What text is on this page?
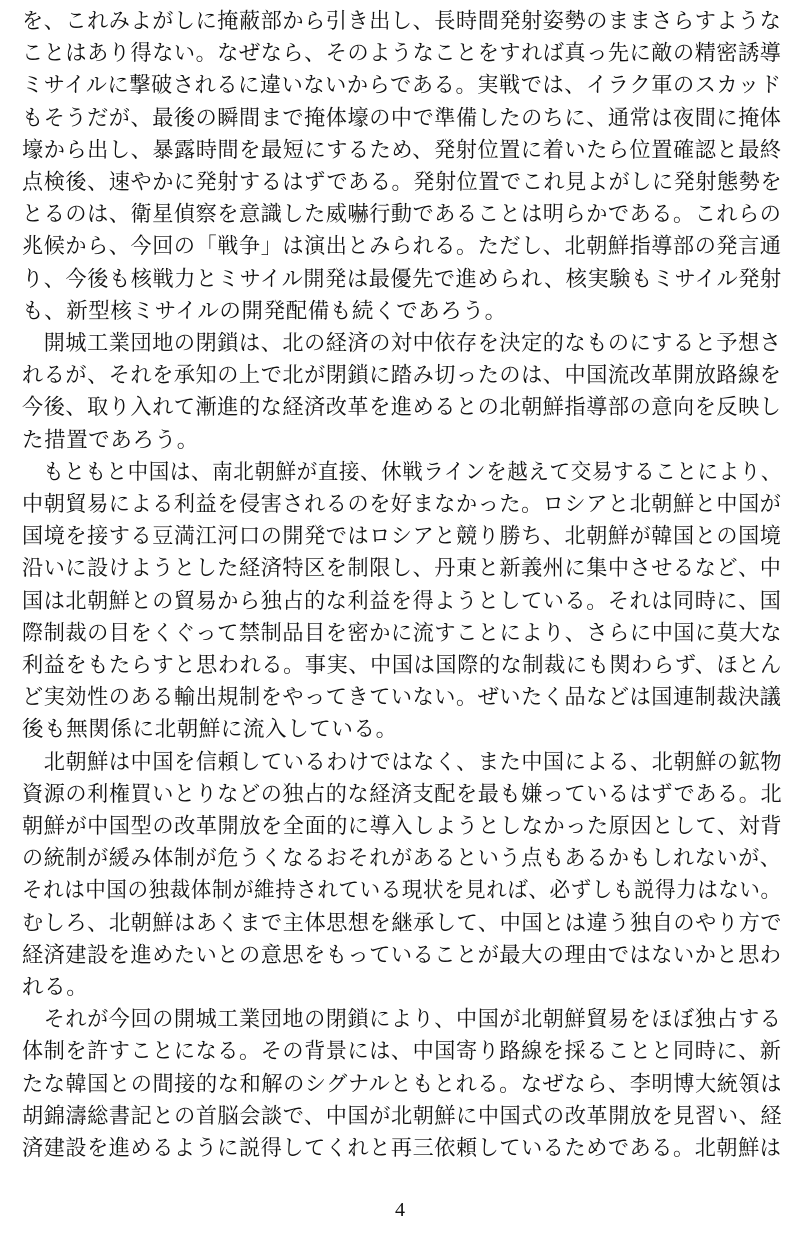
を、これみよがしに掩蔽部から引き出し、長時間発射姿勢のままさらすような
ことはあり得ない。なぜなら、そのようなことをすれば真っ先に敵の精密誘導
ミサイルに撃破されるに違いないからである。実戦では、イラク軍のスカッド
もそうだが、最後の瞬間まで掩体壕の中で準備したのちに、通常は夜間に掩体
壕から出し、暴露時間を最短にするため、発射位置に着いたら位置確認と最終
点検後、速やかに発射するはずである。発射位置でこれ見よがしに発射態勢を
とるのは、衛星偵察を意識した威嚇行動であることは明らかである。これらの
兆候から、今回の「戦争」は演出とみられる。ただし、北朝鮮指導部の発言通
り、今後も核戦力とミサイル開発は最優先で進められ、核実験もミサイル発射
も、新型核ミサイルの開発配備も続くであろう。
　開城工業団地の閉鎖は、北の経済の対中依存を決定的なものにすると予想さ
れるが、それを承知の上で北が閉鎖に踏み切ったのは、中国流改革開放路線を
今後、取り入れて漸進的な経済改革を進めるとの北朝鮮指導部の意向を反映し
た措置であろう。
　もともと中国は、南北朝鮮が直接、休戦ラインを越えて交易することにより、
中朝貿易による利益を侵害されるのを好まなかった。ロシアと北朝鮮と中国が
国境を接する豆満江河口の開発ではロシアと競り勝ち、北朝鮮が韓国との国境
沿いに設けようとした経済特区を制限し、丹東と新義州に集中させるなど、中
国は北朝鮮との貿易から独占的な利益を得ようとしている。それは同時に、国
際制裁の目をくぐって禁制品目を密かに流すことにより、さらに中国に莫大な
利益をもたらすと思われる。事実、中国は国際的な制裁にも関わらず、ほとん
ど実効性のある輸出規制をやってきていない。ぜいたく品などは国連制裁決議
後も無関係に北朝鮮に流入している。
　北朝鮮は中国を信頼しているわけではなく、また中国による、北朝鮮の鉱物
資源の利権買いとりなどの独占的な経済支配を最も嫌っているはずである。北
朝鮮が中国型の改革開放を全面的に導入しようとしなかった原因として、対背
の統制が緩み体制が危うくなるおそれがあるという点もあるかもしれないが、
それは中国の独裁体制が維持されている現状を見れば、必ずしも説得力はない。
むしろ、北朝鮮はあくまで主体思想を継承して、中国とは違う独自のやり方で
経済建設を進めたいとの意思をもっていることが最大の理由ではないかと思わ
れる。
　それが今回の開城工業団地の閉鎖により、中国が北朝鮮貿易をほぼ独占する
体制を許すことになる。その背景には、中国寄り路線を採ることと同時に、新
たな韓国との間接的な和解のシグナルともとれる。なぜなら、李明博大統領は
胡錦濤総書記との首脳会談で、中国が北朝鮮に中国式の改革開放を見習い、経
済建設を進めるように説得してくれと再三依頼しているためである。北朝鮮は
4
